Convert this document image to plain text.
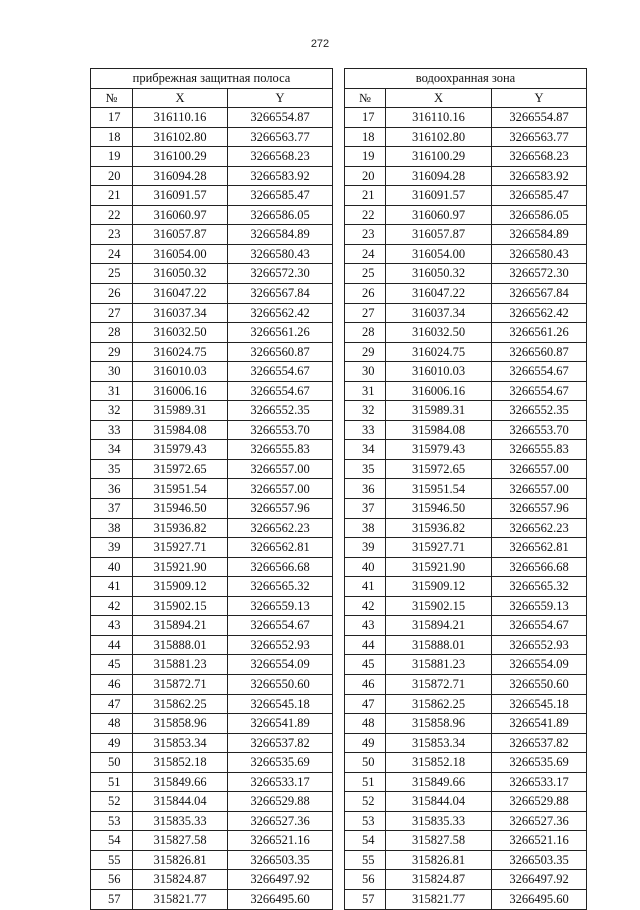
272
прибрежная защитная полоса				водоохранная зона		
№	X	Y		№	X	Y
17	316110.16	3266554.87		17	316110.16	3266554.87
18	316102.80	3266563.77		18	316102.80	3266563.77
19	316100.29	3266568.23		19	316100.29	3266568.23
20	316094.28	3266583.92		20	316094.28	3266583.92
21	316091.57	3266585.47		21	316091.57	3266585.47
22	316060.97	3266586.05		22	316060.97	3266586.05
23	316057.87	3266584.89		23	316057.87	3266584.89
24	316054.00	3266580.43		24	316054.00	3266580.43
25	316050.32	3266572.30		25	316050.32	3266572.30
26	316047.22	3266567.84		26	316047.22	3266567.84
27	316037.34	3266562.42		27	316037.34	3266562.42
28	316032.50	3266561.26		28	316032.50	3266561.26
29	316024.75	3266560.87		29	316024.75	3266560.87
30	316010.03	3266554.67		30	316010.03	3266554.67
31	316006.16	3266554.67		31	316006.16	3266554.67
32	315989.31	3266552.35		32	315989.31	3266552.35
33	315984.08	3266553.70		33	315984.08	3266553.70
34	315979.43	3266555.83		34	315979.43	3266555.83
35	315972.65	3266557.00		35	315972.65	3266557.00
36	315951.54	3266557.00		36	315951.54	3266557.00
37	315946.50	3266557.96		37	315946.50	3266557.96
38	315936.82	3266562.23		38	315936.82	3266562.23
39	315927.71	3266562.81		39	315927.71	3266562.81
40	315921.90	3266566.68		40	315921.90	3266566.68
41	315909.12	3266565.32		41	315909.12	3266565.32
42	315902.15	3266559.13		42	315902.15	3266559.13
43	315894.21	3266554.67		43	315894.21	3266554.67
44	315888.01	3266552.93		44	315888.01	3266552.93
45	315881.23	3266554.09		45	315881.23	3266554.09
46	315872.71	3266550.60		46	315872.71	3266550.60
47	315862.25	3266545.18		47	315862.25	3266545.18
48	315858.96	3266541.89		48	315858.96	3266541.89
49	315853.34	3266537.82		49	315853.34	3266537.82
50	315852.18	3266535.69		50	315852.18	3266535.69
51	315849.66	3266533.17		51	315849.66	3266533.17
52	315844.04	3266529.88		52	315844.04	3266529.88
53	315835.33	3266527.36		53	315835.33	3266527.36
54	315827.58	3266521.16		54	315827.58	3266521.16
55	315826.81	3266503.35		55	315826.81	3266503.35
56	315824.87	3266497.92		56	315824.87	3266497.92
57	315821.77	3266495.60		57	315821.77	3266495.60
